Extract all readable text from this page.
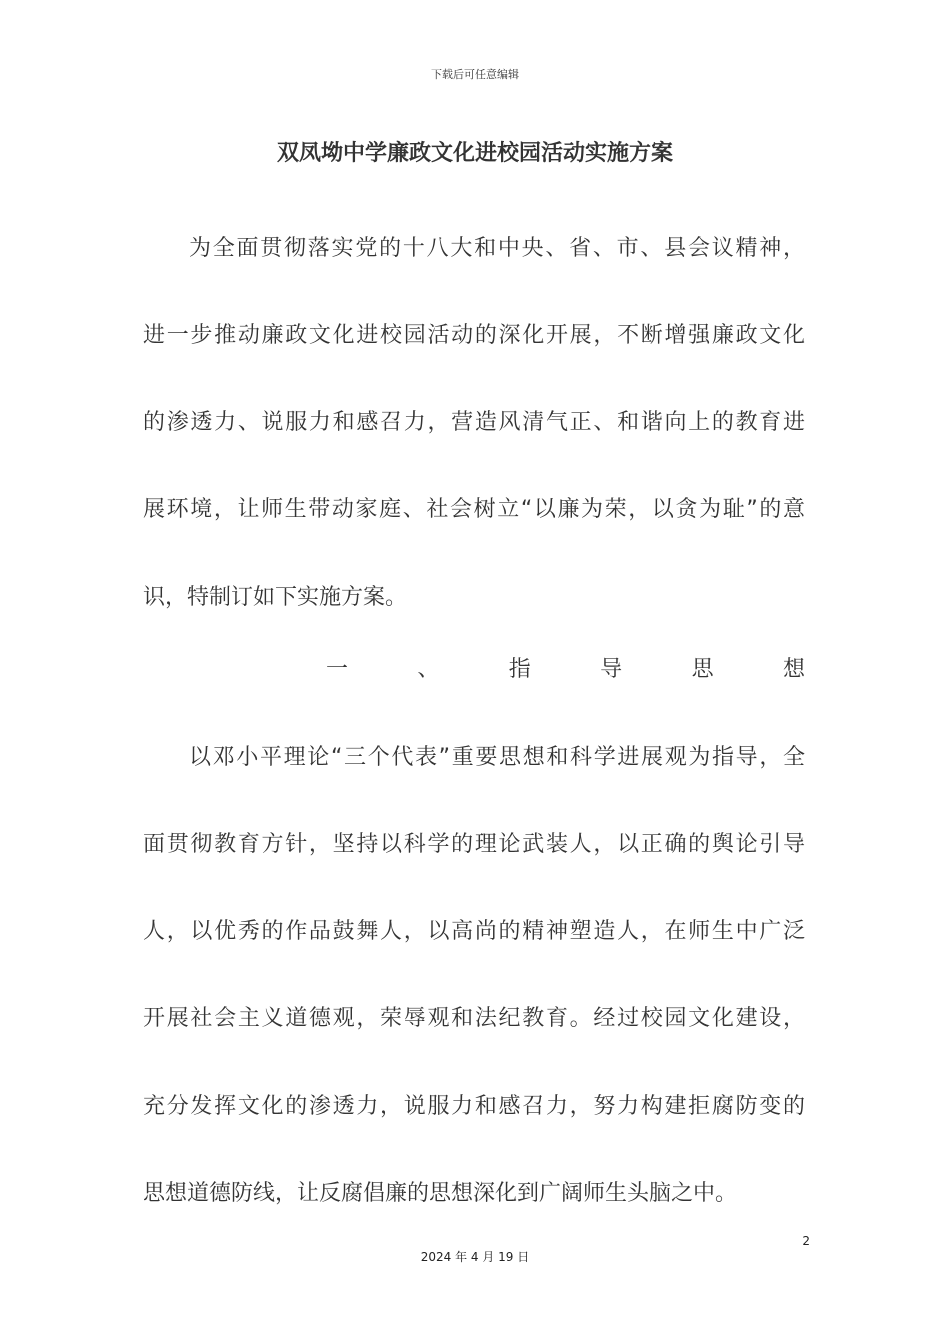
下载后可任意编辑
双凤坳中学廉政文化进校园活动实施方案
为全面贯彻落实党的十八大和中央、省、市、县会议精神，
进一步推动廉政文化进校园活动的深化开展，不断增强廉政文化
的渗透力、说服力和感召力，营造风清气正、和谐向上的教育进
展环境，让师生带动家庭、社会树立“以廉为荣，以贪为耻”的意
识，特制订如下实施方案。
一	、	指	导	思	想
以邓小平理论“三个代表”重要思想和科学进展观为指导，全
面贯彻教育方针，坚持以科学的理论武装人，以正确的舆论引导
人，以优秀的作品鼓舞人，以高尚的精神塑造人，在师生中广泛
开展社会主义道德观，荣辱观和法纪教育。经过校园文化建设，
充分发挥文化的渗透力，说服力和感召力，努力构建拒腐防变的
思想道德防线，让反腐倡廉的思想深化到广阔师生头脑之中。
2
2024 年 4 月 19 日
